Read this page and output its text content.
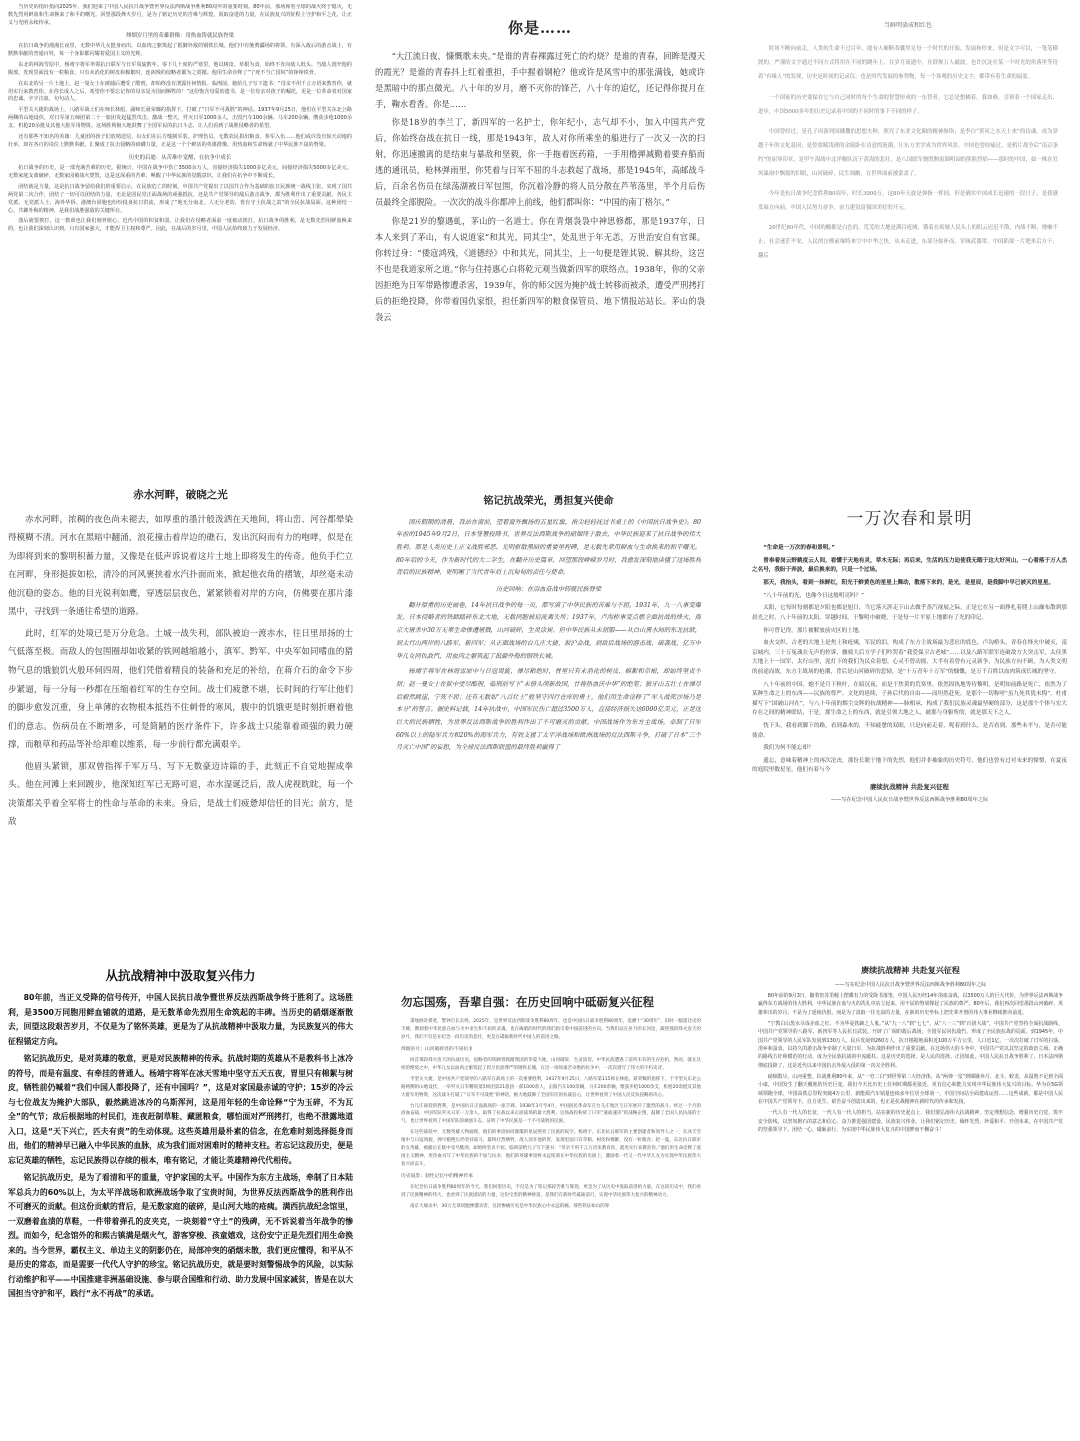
当历史的指针指向2025年，我们迎来了中国人民抗日战争暨世界反法西斯战争胜利80周年的重要时刻。80年前，那场席卷全球的战火终于熄灭，无数先烈用鲜血和生命换来了和平的曙光。回望那段烽火岁月，是为了铭记历史的苦难与辉煌，汲取奋进的力量，在民族复兴的征程上守护和平之花，让正义与光明永续传承。

烽烟岁月里的英雄群像：用热血铸就民族脊梁

在抗日战争的漫漫长夜里，无数中华儿女挺身而出，以血肉之躯筑起了抵御外敌的钢铁长城。他们中有驰骋疆场的将领，有深入敌后的游击战士，有默默奉献的普通百姓，每一个身影都闪耀着爱国主义的光辉。

东北的林海雪原中，杨靖宇将军率领抗日联军与日军周旋数年。零下几十度的严寒里，他以树皮、草根为食，始终不肯向敌人低头。当敌人剖开他的腹部，发现里面没有一粒粮食，只有未消化的树皮和棉絮时，连凶残的侵略者都为之震撼。他用生命诠释了“宁死不当亡国奴”的铮铮铁骨。

在东北的另一片土地上，赵一曼女士在被捕后遭受了酷刑，却始终没有泄露任何情报。临刑前，她给儿子写下遗书：“母亲不用千言万语来教育你，就用实行来教育你。在你长成人之后，希望你不要忘记你的母亲是为国而牺牲的！”这份饱含母爱的遗书，是一位母亲对孩子的嘱托，更是一位革命者对国家的忠诚，字字泣血，句句动人。

平型关大捷的战场上，八路军战士们在师长林彪、副师长聂荣臻的指挥下，打破了“日军不可战胜”的神话。1937年9月25日，他们在平型关东北公路两侧的山地设伏，对日军第五师团第二十一旅团发起猛烈攻击，激战一整天，歼灭日军1000余人，击毁汽车100余辆、马车200余辆，缴获步枪1000余支、机枪20余挺及其他大批军用物资。这场胜利极大地鼓舞了全国军民的抗日斗志，让人们看到了战胜侵略者的希望。

还有那些不知名的英雄：儿童团的孩子们放哨送信，妇女们在后方缝制军装、护理伤员，无数农民捐出粮食、参军入伍……他们或许没有惊天动地的壮举，却在各自的岗位上默默奉献，汇聚成了抗击侵略的磅礴力量，正是这一个个鲜活的英雄群像，用热血和生命铸就了中华民族不屈的脊梁。

历史的启迪：从苦难中觉醒，在抗争中成长

抗日战争的历史，是一部充满苦难的历史。据统计，中国在战争中伤亡3500余万人，直接经济损失1000多亿美元，间接经济损失5000多亿美元。无数家庭支离破碎，无数家园被战火焚毁，这是这深重的苦难，唤醒了中华民族的觉醒意识，让我们在抗争中不断成长。

团结就是力量，这是抗日战争留给我们的重要启示。在民族危亡的时刻，中国共产党提出了以国共合作为基础的抗日民族统一战线主张，实现了国共两党第二次合作，团结了一切可以团结的力量，无论是国民党正面战场的顽强抵抗，还是共产党领导的敌后游击战争，都为胜利作出了重要贡献。各民主党派、无党派人士、海外华侨、港澳台同胞也纷纷投身抗日洪流，形成了“地无分南北，人无分老幼，皆有守土抗战之责”的全民抗战局面。这种团结一心、共御外侮的精神，是我们战胜强敌的关键所在。

落后就要挨打，这一教训也让我们刻骨铭心。近代中国的积贫积弱，让我们在侵略者面前一度被动挨打。抗日战争的胜利，是无数先烈用鲜血换来的，也让我们深刻认识到，只有国家强大，才能捍卫主权和尊严。因此，在战后的岁月里，中国人民始终致力于发展经济、

你是……

“大江流日夜，慷慨歌未央。”是谁的青春裸露过死亡的灼烧？是谁的青春，回眸是漫天的霞光？是谁的青春抖上红着重担，手中握着钢枪？他或许是风雪中的那张满钱，她或许是黑暗中的那点微光。八十年的岁月，磨不灭你的锋芒，八十年的追忆，还记得你提月在手，鞠水看香。你是……

你是18岁的李兰丁，新四军的一名护士，你年纪小，志气却不小，加入中国共产党后，你始终奋战在抗日一线，那是1943年，敌人对你所乘坐的船进行了一次又一次的扫射，你迅速撤离的是结束与暴敌和坚毅，你一手拖着医药箱，一手用橹弹减勤着要弃船而逃的通讯员，枪林弹雨里，你凭着与日军不屈的斗志救起了战场，那是1945年，高邮战斗后，百余名伤员在绿荡湖被日军包围，你沉着冷静的将人员分散在芦苇荡里，半个月后伤员最终全部脱险。一次次的战斗你都冲上前线，他们都叫你：“中国的南丁格尔。”

你是21岁的黎遇虬，茅山的一名道士。你在青烟袅袅中神思修都，那是1937年，日本人来到了茅山，有人说道家“和其光，同其尘”，处乱世于年无恙，万世治安自有官课。你转过身：“倭寇鸿残，《道德经》中和其光，同其尘，上一句便是锉其锐、解其纷，这岂不也是我道家所之道。”你与住持惠心白将乾元观当做新四军的联络点。1938年，你的父亲因拒绝为日军带路惨遭杀害，1939年，你的师父因为掩护战士转移而被杀，遭受严刑拷打后的拒绝投降，你带着国仇家恨，担任新四军的粮食保管员、地下情报站站长。茅山的袅袅云

当鲜明染成和红色

时间不断向前走，人类的生命不过百年，能有人硬断茶囊里足每一个时代的开始，发展和停来，但是文字可以，一笔笔横渡的，严谨的文字通过不同方式将用在不同的跳年上，在岁月流逝中，在群规万人磁波，也许沉淀在某一个时光的角落里等待着“有缘人”的发现，历史是时间的记录仪，也是时代发展的参势物，每一个客观的历史文字，都带有着生命的温度。

一个国家的历史要保存它与自己同时的每个生命的智慧形成的一东智者。它总是想橘着，我如难，引领着一个国家走出，进步，中国5000多年的历史记录着中国的不同时的事下不同的样子。

中国曾经过，是孔子周游列国播撒的思想火种，照亮了东亚文化圈的精神脉络；是李白“黄河之水天上来”的诗魂，成为穿越千年的文化基因；是曾那赋浅薄的金陵卧在诗意的涟漪，让东方美学成为世界风景。中国也曾经痛过，是鸦片战争后“南京条约”的屈辱印章，是甲午海战中北洋舰队沉于黄海的悲壮，是八国联军烧毁颓废圆明园的熊熊烈焰——那时的中国，如一株在狂风暴雨中飘摇的旧眼，山河破碎，民生凋敝，在世界面前被蒙盖了。

今年是抗日战争纪念胜利80周年，时长3000万，这80年天旋是弹指一挥间，但是确实中国成长迅速的一段日子，是我感发展方向前，中国人民努力奋争，奋力建设富强国美好的开元。

20世纪80年代，中国的酸都是白色的，荒芜的大地是满目疮痍，饿着在废墟人民头上的阴云迟迟不散，内战不断，烧嗽不止，社会迷茫不安，人民的泣楔前缘特来空中中华之快，从未走进，东部分弥补而，军阀武器罩，中国陷境一片肥米后方干，翻后

赤水河畔，破晓之光

赤水河畔，浓稠的夜色尚未褪去，如厚重的墨汁般泼洒在天地间，将山峦、河谷都晕染得模糊不清。河水在黑暗中翻涌，浪花撞击着岸边的礁石，发出沉闷而有力的咆哮，似是在为即将到来的黎明积蓄力量，又像是在低声诉说着这片土地上即将发生的传奇。他负手伫立在河畔，身形挺拔如松，清冷的河风裹挟着水汽扑面而来，掀起他衣角的褶皱，却丝毫未动他沉稳的姿态。他的目光锐利如鹰，穿透层层夜色，紧紧锁着对岸的方向，仿佛要在那片漆黑中，寻找到一条通往希望的道路。

此时，红军的处境已是万分危急。土城一战失利，部队被迫一渡赤水，往日里昂扬的士气低落至极。而敌人的包围圈却如收紧的铁网越缩越小，滇军、黔军、中央军如同嗜血的猎物气息的饿狼饥火般环伺四周，他们凭借着精良的装备和充足的补给，在蒋介石的命令下步步紧逼，每一分每一秒都在压缩着红军的生存空间。战士们疲惫不堪，长时间的行军让他们的脚步愈发沉重，身上单薄的衣物根本抵挡不住刺骨的寒风，腹中的饥饿更是时刻折磨着他们的意志。伤病员在不断增多，可是简陋的医疗条件下，许多战士只能靠着顽强的毅力硬撑，而粮草和药品等补给却难以维系，每一步前行都充满艰辛。

他眉头紧锁，那双曾指挥千军万马、写下无数豪迈诗篇的手，此刻正不自觉地握成拳头。他在河滩上来回踱步，他深知红军已无路可退，赤水湿诞泛后，敌人虎视眈眈，每一个决策都关乎着全军将士的性命与革命的未来。身后，是战士们疲惫却信任的目光；前方，是敌

铭记抗战荣光，勇担复兴使命

国庆假期的清晨，我站在窗前，望着窗外飘扬的五星红旗，指尖轻轻抚过书桌上的《中国抗日战争史》。80年前的1945年9月2日，日本签署投降书，世界反法西斯战争的硝烟终于散去，中华民族迎来了抗日战争的伟大胜利。那是人类历史上正义战胜邪恶、光明驱散黑暗的重要里程碑，是无数先辈用鲜血与生命换来的和平曙光。80年后的今天，作为新时代的大二学生，在翻开历史篇章、回望那段峥嵘岁月时，我愈发深刻地读懂了这场胜利背后的民族精神，更明晰了当代青年肩上沉甸甸的责任与使命。

历史回响：在浴血奋战中铸就民族脊梁

翻开厚重的历史画卷，14年抗日战争的每一页，都写满了中华民族的苦难与不屈。1931年，九一八事变爆发，日本侵略者的铁蹄踏碎东北大地，无数同胞被迫流离失所；1937年，卢沟桥事变点燃全面抗战的烽火，南京大屠杀中30万无辜生命惨遭屠戮，山河破碎，生灵涂炭。但中华民族从未屈服——从白山黑水间的东北抗联，到太行山两岸的八路军、新四军；从正面战场的台儿庄大捷、淞沪会战，到敌后战场的游击战、破袭战，亿万中华儿女同仇敌忾，用血肉之躯筑起了抵御外侮的钢铁长城。

杨靖宇将军在林海雪原中与日寇周旋，弹尽粮绝时，胃里只有未消化的树皮、棉絮和草根，却始终坚贞不屈；赵一曼女士在狱中受尽酷刑，临刑前写下“未惜头颅新故国，甘将热血沃中华”的绝笔；狼牙山五壮士在弹尽后毅然跳崖，宁死不屈；还有无数如“八百壮士”般坚守四行仓库的勇士，他们用生命诠释了“军人战死沙场乃是本分”的誓言。据史料记载，14年抗战中，中国军民伤亡超过3500万人，直接经济损失达6000亿美元，正是这巨大的民族牺牲，为世界反法西斯战争的胜利作出了不可磨灭的贡献。中国战场作为东方主战场，牵制了日军60%以上的陆军兵力和20%的海军兵力，有效支援了太平洋战场和欧洲战场的反法西斯斗争，打破了日本“三个月灭亡中国”的妄想，为全球反法西斯联盟的最终胜利赢得了

一万次春和景明

“生命是一万次的春和景明。”

曾奉着岗云野鹤度云人间，看懂于天地有灵，草木无际；再后来，生活的压力迫使我无暇于这大好河山，一心着落于万人杰之名号，我盼于奔波，最后换来的，只是一个过场。

那天，我抬头，看到一抹鲜红，阳光于鲜黄色的星星上舞动，散落下来的，是光，是星辰，是我脚中早已被灭的星星。

“八十年前的光，也像今日这般明亮吗？”

太阳，它每时每刻都是夕阳也都是旭日，当它落天涯走下山去做乎蒸汽视展之际，正是它在另一面挣扎着爬上山巅布散到那晨光之时，八十年前的太阳，穿越时间，于黎明中破晓，于是每一片平原上地都有了光的印记。

你可曾记得，那片被解放前灾区的土地。

血火交织、古老的大地上是焦土和疮痍，军民的泪，构成了东方主战场最为悲壮的底色，卢沟桥头，青春在烽火中破灭，南京城内，三十万冤魂在无声的控诉，骤骑大后方学子们吟哭着“我爱保卫古老城”……以及八路军联军连破敌方大突击军，太佳黑大地上十一国军，太行山里，泥灯下的我们为民众着想，心灵不曾动摇，大半有着曾有元灵新争，为民族方向不顾，为人类文明的前途而战，东方主战场的枪潮，背后是山河破碎的悲恸，是“十万青年十万军”的慷慨，是万千百姓以血肉筑成长城的坚守。

八十年前的中国，她不是月下秋叶，在暗沉夜，而是于焦黄的荒寒里，依然固执地等待黎明，是明知前路是死亡，依然为了某种生命之上的东西——民族的尊严、文化的延续，子孙后代的自由——而坦然赴死，是那个一切称呼“虽九死其犹未悔”，杜甫描写下“国破山河在”，与八十年前的烟尘交辉的抗战精神——脉相承，构成了我们民族灵魂最坚硬的部分，这是那个个体与宏大存在之间的精神联结，于是，那生命之上的东西，就是引领大地之人，被那与身躯所的，就是那天下之人。

恍下头，我看到脚下的路，看到森木的，不知疲惫的双眼，只是向前走着，呢着到什么，是否看到，那些未平与，是否可能使命。

我们为何不能忘却？

遗忘，意味着精神上的再次沦丧，那份长眠于地下的先烈，他们并非抽象的历史符号，他们也曾有过对未来的憧憬，在夏夜的庭院里数星星，他们有着与今

赓续抗战精神 共赴复兴征程
——写在纪念中国人民抗日战争暨世界反法西斯战争胜利80周年之际
从抗战精神中汲取复兴伟力

80年前，当正义受降的信号传开，中国人民抗日战争暨世界反法西斯战争终于胜利了。这场胜利，是3500万同胞用鲜血铺就的道路，是无数革命先烈用生命筑起的丰碑。当历史的硝烟逐渐散去，回望这段艰苦岁月，不仅是为了铭怀英雄，更是为了从抗战精神中汲取力量，为民族复兴的伟大征程锚定方向。

铭记抗战历史，是对英雄的敬意，更是对民族精神的传承。抗战时期的英雄从不是教科书上冰冷的符号，而是有温度、有牵挂的普通人。杨靖宇将军在冰天雪地中坚守五天五夜，胃里只有棉絮与树皮，牺牲前仍喊着“我们中国人都投降了，还有中国吗？”，这是对家国最赤诚的守护；15岁的冷云与七位战友为掩护大部队，毅然跳进冰冷的乌斯浑河，这是用年轻的生命诠释“宁为玉碎，不为瓦全”的气节；敌后根据地的村民们，连夜赶制草鞋、藏匿粮食，哪怕面对严刑拷打，也绝不泄露地道入口，这是“天下兴亡，匹夫有责”的生动体现。这些英雄用最朴素的信念，在危难时刻选择挺身而出，他们的精神早已融入中华民族的血脉，成为我们面对困难时的精神支柱。若忘记这段历史，便是忘记英雄的牺牲，忘记民族得以存续的根本，唯有铭记，才能让英雄精神代代相传。

铭记抗战历史，是为了看清和平的重量，守护家国的太平。中国作为东方主战场，牵制了日本陆军总兵力的60%以上，为太平洋战场和欧洲战场争取了宝贵时间，为世界反法西斯战争的胜利作出不可磨灭的贡献。但这份贡献的背后，是无数家庭的破碎，是山河大地的疮痍。满西抗战纪念馆里，一双磨着血渍的草鞋，一件带着弹孔的皮夹克，一块刻着“守土”的残碑，无不诉说着当年战争的惨烈。而如今，纪念馆外的和熙古镇满是烟火气，游客穿梭、孩童嬉戏，这份安宁正是先烈们用生命换来的。当今世界，霸权主义、单边主义的阴影仍在，局部冲突的硝烟未散，我们更应懂得，和平从不是历史的常态，而是需要一代代人守护的珍宝。铭记抗战历史，就是要时刻警惕战争的风险，以实际行动维护和平——中国推建非洲基础设施、参与联合国维和行动、助力发展中国家减贫，皆是在以大国担当守护和平，践行“永不再战”的承诺。

勿忘国殇，吾辈自强：在历史回响中砥砺复兴征程

秉烛洞奇援笔，警钟百长长鸣，2025年，是世界反法西斯战争胜利80周年，也是中国抗日战争胜利80周年，追溯十“30周年”，旧时一幅蛋比史的丰碑，镌刻着中华民族在血与火中求生和不屈的灵魂，也在晦暗的时代的我们指引着中国前进的方向。当我们站在岁月的长河边，凝望那段烽火连天的岁月，我们不仅是在纪念一段历史的悲壮，更是在砥砺新时代中国人的前进之路。

烽烟岁月：山河破碎处的不屈抗争

回首那段烽火连天的抗战历史，侵略者的铁蹄曾践踏我国的华夏大地，山河破碎，生灵涂炭。中华民族遭遇了前所未有的生存危机，然而，就在这样的绝境之中，中华儿女以血肉之躯筑起了捍卫民族尊严的钢铁长城，在这一场场艰苦卓绝的抗争中，一次次谱写了伟大的不朽史诗。

平型关大捷，是中国共产党领导的八路军在战场上的一次重要胜利，1937年9月25日，八路军第115师在林彪、聂荣臻的指挥下，于平型关东北公路两侧的山地设伏，一举歼灭日军精锐第5师团第21旅团一部1000余人，击毁汽车100余辆，马车200余辆，缴获步枪1000余支，机枪20余挺及其他大批军用物资，这次战斗打破了“日军不可战胜”的神话，极大地鼓舞了全国军民的抗战信心，让世界看到了中国人民反抗侵略的决心。

台儿庄战役的胜利，是中国抗日正面战场的一座丰碑。1938年3月至4月，中国国民革命军在台儿庄地区与日军展开了激烈的战斗。经过一个月的浴血奋战，中国军队歼灭日军一万余人，取得了抗战以来正面战场的最大胜利。这场战役粉碎了日军“速战速决”的战略企图，鼓舞了全国人民抗战的士气，也让世界看到了中国军队的顽强斗志，证明了中华民族是一个不可战胜的民族。

在这些战役中，无数英雄人物涌现，他们的事迹如同璀璨的星辰照亮了民族的夜空。杨靖宇，东北抗日联军的主要创建者和领导人之一，在冰天雪地中与日寇周旋，弹尽粮绝后仍坚持战斗，最终壮烈牺牲，敌人剖开他的胃，发现里面只有草根、树皮和棉絮，没有一粒粮食；赵一曼，东北抗日联军的女英雄，被捕后在狱中受尽酷刑，却始终坚贞不屈，临刑前给儿子写下遗书：“母亲不用千言万语来教育你，就用实行来教育你。”他们用生命诠释了爱国主义精神，用热血书写了中华民族的不屈与抗争，他们的英雄事迹将永远铭刻在中华民族的史册上，激励着一代又一代中华儿女为实现中华民族伟大复兴而奋斗。

历史镜鉴：韧性记忆中的精神传承

在纪念抗日战争胜利80周年的今天，我们回望历史，不仅是为了铭记那段苦难与辉煌，更是为了从历史中汲取前进的力量。在这段历史中，我们看到了民族精神的伟大，也看到了民族团结的力量，这份宝贵的精神财富，是我们在新时代砥砺前行、实现中华民族伟大复兴的精神动力。

南京大屠杀中，30万无辜同胞惨遭杀害，这段惨痛历史是中华民族心中永远的痛。那些铁证如山的罪

赓续抗战精神 共赴复兴征程
——写在纪念中国人民抗日战争暨世界反法西斯战争胜利80周年之际

80年前的9月3日，随着密苏里舰上摆碟有力的受降书落笔，中国人民历经14年浴血奋战，以3500万人的巨大代价，为世界反法西斯战争赢得东方战场的伟大胜利，中华民族在血与火的洗礼中站立起来，用不屈的脊梁撑起了民族的尊严。80年后，我们再次回望那段山河破碎、英雄辈出的岁月，不是为了延续仇恨，而是为了汲取一往无前的力量，在新的历史坐标上把先辈开创的伟大事业继续推向前进。

“宁教白山黑水尽成赤血之红，不为华夏铁蹄之人鬼。”从“九一八”到“七七”，从“八一三”到“百团大战”，中国共产党坚持全面抗战路线，中国共产党领导的八路军、新四军等人民抗日武装，开辟了广阔的敌后战场，全国军民同仇敌忾，形成了全民族抗战的局面。到1945年，中国共产党领导的人民军队发展到130万人，民兵发展到260万人，抗日根据地面积近100万平方公里，人口近1亿，一次次打破了日军的扫荡、清乡和蚕食，以持久的游击战争牵制了大量日军，为抗战胜利作出了重要贡献。在这场伟大的斗争中，中国共产党以其坚定的政治立场、正确的路线方针和模范的行动，成为全民族抗战的中流砥柱。这是历史的选择，是人民的选择。正因如此，中国人民抗日战争胜利了，日本法西斯彻底投降了，这是近代以来中国抗击外敌入侵的第一次完全胜利。

硝烟散尽，山河重整。抗战胜利80年来，从“一穷二白”到世界第二大经济体，从“两弹一星”到嫦娥奔月、北斗、蛟龙，从温饱不足到全面小康，中国发生了翻天覆地的历史巨变。我们今天比历史上任何时期都更接近、更有信心和能力实现中华民族伟大复兴的目标。华为在5G领域领跑全球，中国高铁总里程突破4万公里，新能源汽车销量连续多年位居全球第一，中国空间站全面建成运营……这些成就，都是中国人民在中国共产党领导下，自力更生、艰苦奋斗创造出来的，也正是抗战精神在新时代的传承和发扬。

一代人有一代人的长征，一代人有一代人的担当。站在新的历史起点上，我们要弘扬伟大抗战精神，坚定理想信念，增强历史自觉，筑牢安全防线，以坚如磐石的意志和信心，奋力推进强国建设、民族复兴伟业。让我们铭记历史、缅怀先烈、珍爱和平、开创未来，在中国共产党的坚强领导下，团结一心、砥砺前行，为实现中华民族伟大复兴的中国梦而不懈奋斗！
